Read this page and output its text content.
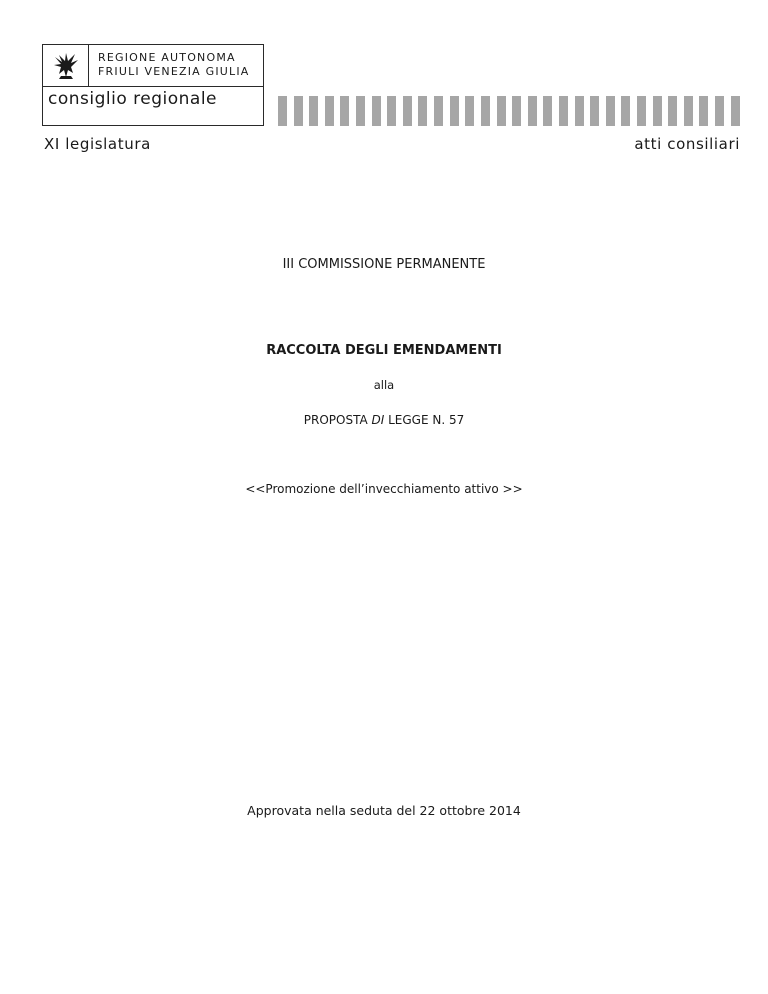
REGIONE AUTONOMA
FRIULI VENEZIA GIULIA
consiglio regionale
XI legislatura	atti consiliari
III COMMISSIONE PERMANENTE
RACCOLTA DEGLI EMENDAMENTI
alla
PROPOSTA DI LEGGE N. 57
<<Promozione dell’invecchiamento attivo >>
Approvata nella seduta del 22 ottobre 2014
